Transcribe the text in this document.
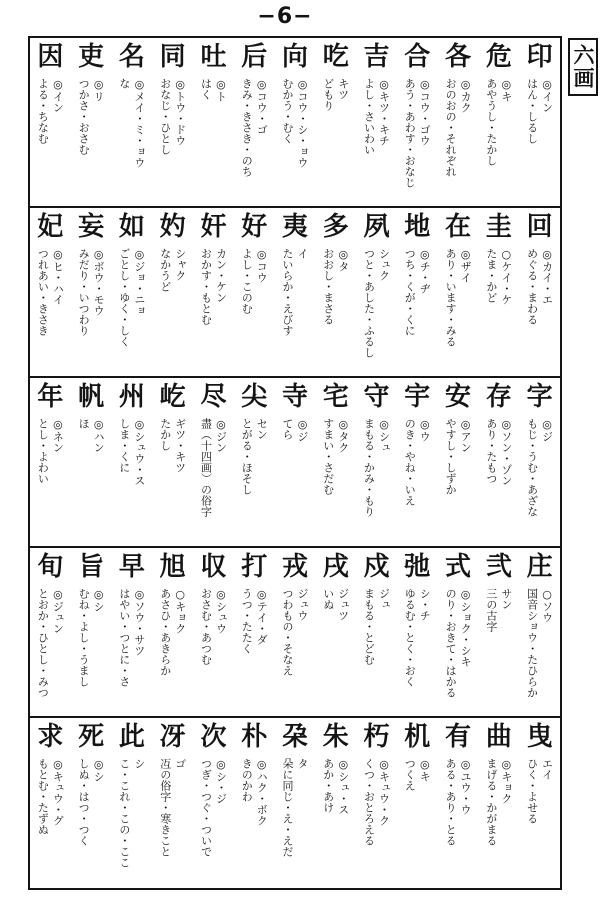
−6−
六画
印
◎イン
はん・しるし
危
◎キ
あやうし・たかし
各
◎カク
おのおの・それぞれ
合
◎コウ・ゴウ
あう・あわす・おなじ
吉
◎キツ・キチ
よし・さいわい
吃
キツ
どもり
向
◎コウ・シ・ョウ
むかう・むく
后
◎コウ・ゴ
きみ・きさき・のち
吐
◎ト
はく
同
◎トウ・ドウ
おなじ・ひとし
名
◎メイ・ミ・ョウ
な
吏
◎リ
つかさ・おさむ
因
◎イン
よる・ちなむ
回
◎カイ・エ
めぐる・まわる
圭
○ケイ・ケ
たま・かど
在
◎ザイ
あり・います・みる
地
◎チ・ヂ
つち・くが・くに
夙
シュク
つと・あした・ふるし
多
◎タ
おおし・まさる
夷
イ
たいらか・えびす
好
◎コウ
よし・このむ
奸
カン・ケン
おかす・もとむ
妁
シャク
なかうど
如
◎ジョ・ニョ
ごとし・ゆく・しく
妄
◎ボウ・モウ
みだり・いつわり
妃
◎ヒ・ハイ
つれあい・きさき
字
◎ジ
もじ・うむ・あざな
存
◎ソン・ゾン
あり・たもつ
安
◎アン
やすし・しずか
宇
◎ウ
のき・やね・いえ
守
◎シュ
まもる・かみ・もり
宅
◎タク
すまい・さだむ
寺
◎ジ
てら
尖
セン
とがる・ほそし
尽
◎ジン
盡（十四画）の俗字
屹
ギツ・キツ
たかし
州
◎シュウ・ス
しま・くに
帆
◎ハン
ほ
年
◎ネン
とし・よわい
庄
○ソウ
国音ショウ・たひらか
弐
サン
三の古字
式
◎ショク・シキ
のり・おきて・はかる
弛
シ・チ
ゆるむ・とく・おく
戍
ジュ
まもる・とどむ
戌
ジュツ
いぬ
戎
ジュウ
つわもの・そなえ
打
◎テイ・ダ
うつ・たたく
収
◎シュウ
おさむ・あつむ
旭
○キョク
あさひ・あきらか
早
◎ソウ・サツ
はやい・つとに・さ
旨
◎シ
むね・よし・うまし
旬
◎ジュン
とおか・ひとし・みつ
曳
エイ
ひく・よせる
曲
◎キョク
まげる・かがまる
有
◎ユウ・ウ
ある・あり・とる
机
◎キ
つくえ
朽
◎キュウ・ク
くつ・おとろえる
朱
◎シュ・ス
あか・あけ
朶
タ
朵に同じ・え・えだ
朴
◎ハク・ボク
きのかわ
次
◎シ・ジ
つぎ・つぐ・ついで
冴
ゴ
冱の俗字・寒きこと
此
シ
こ・これ・この・ここ
死
◎シ
しぬ・はつ・つく
求
◎キュウ・グ
もとむ・たずぬ
